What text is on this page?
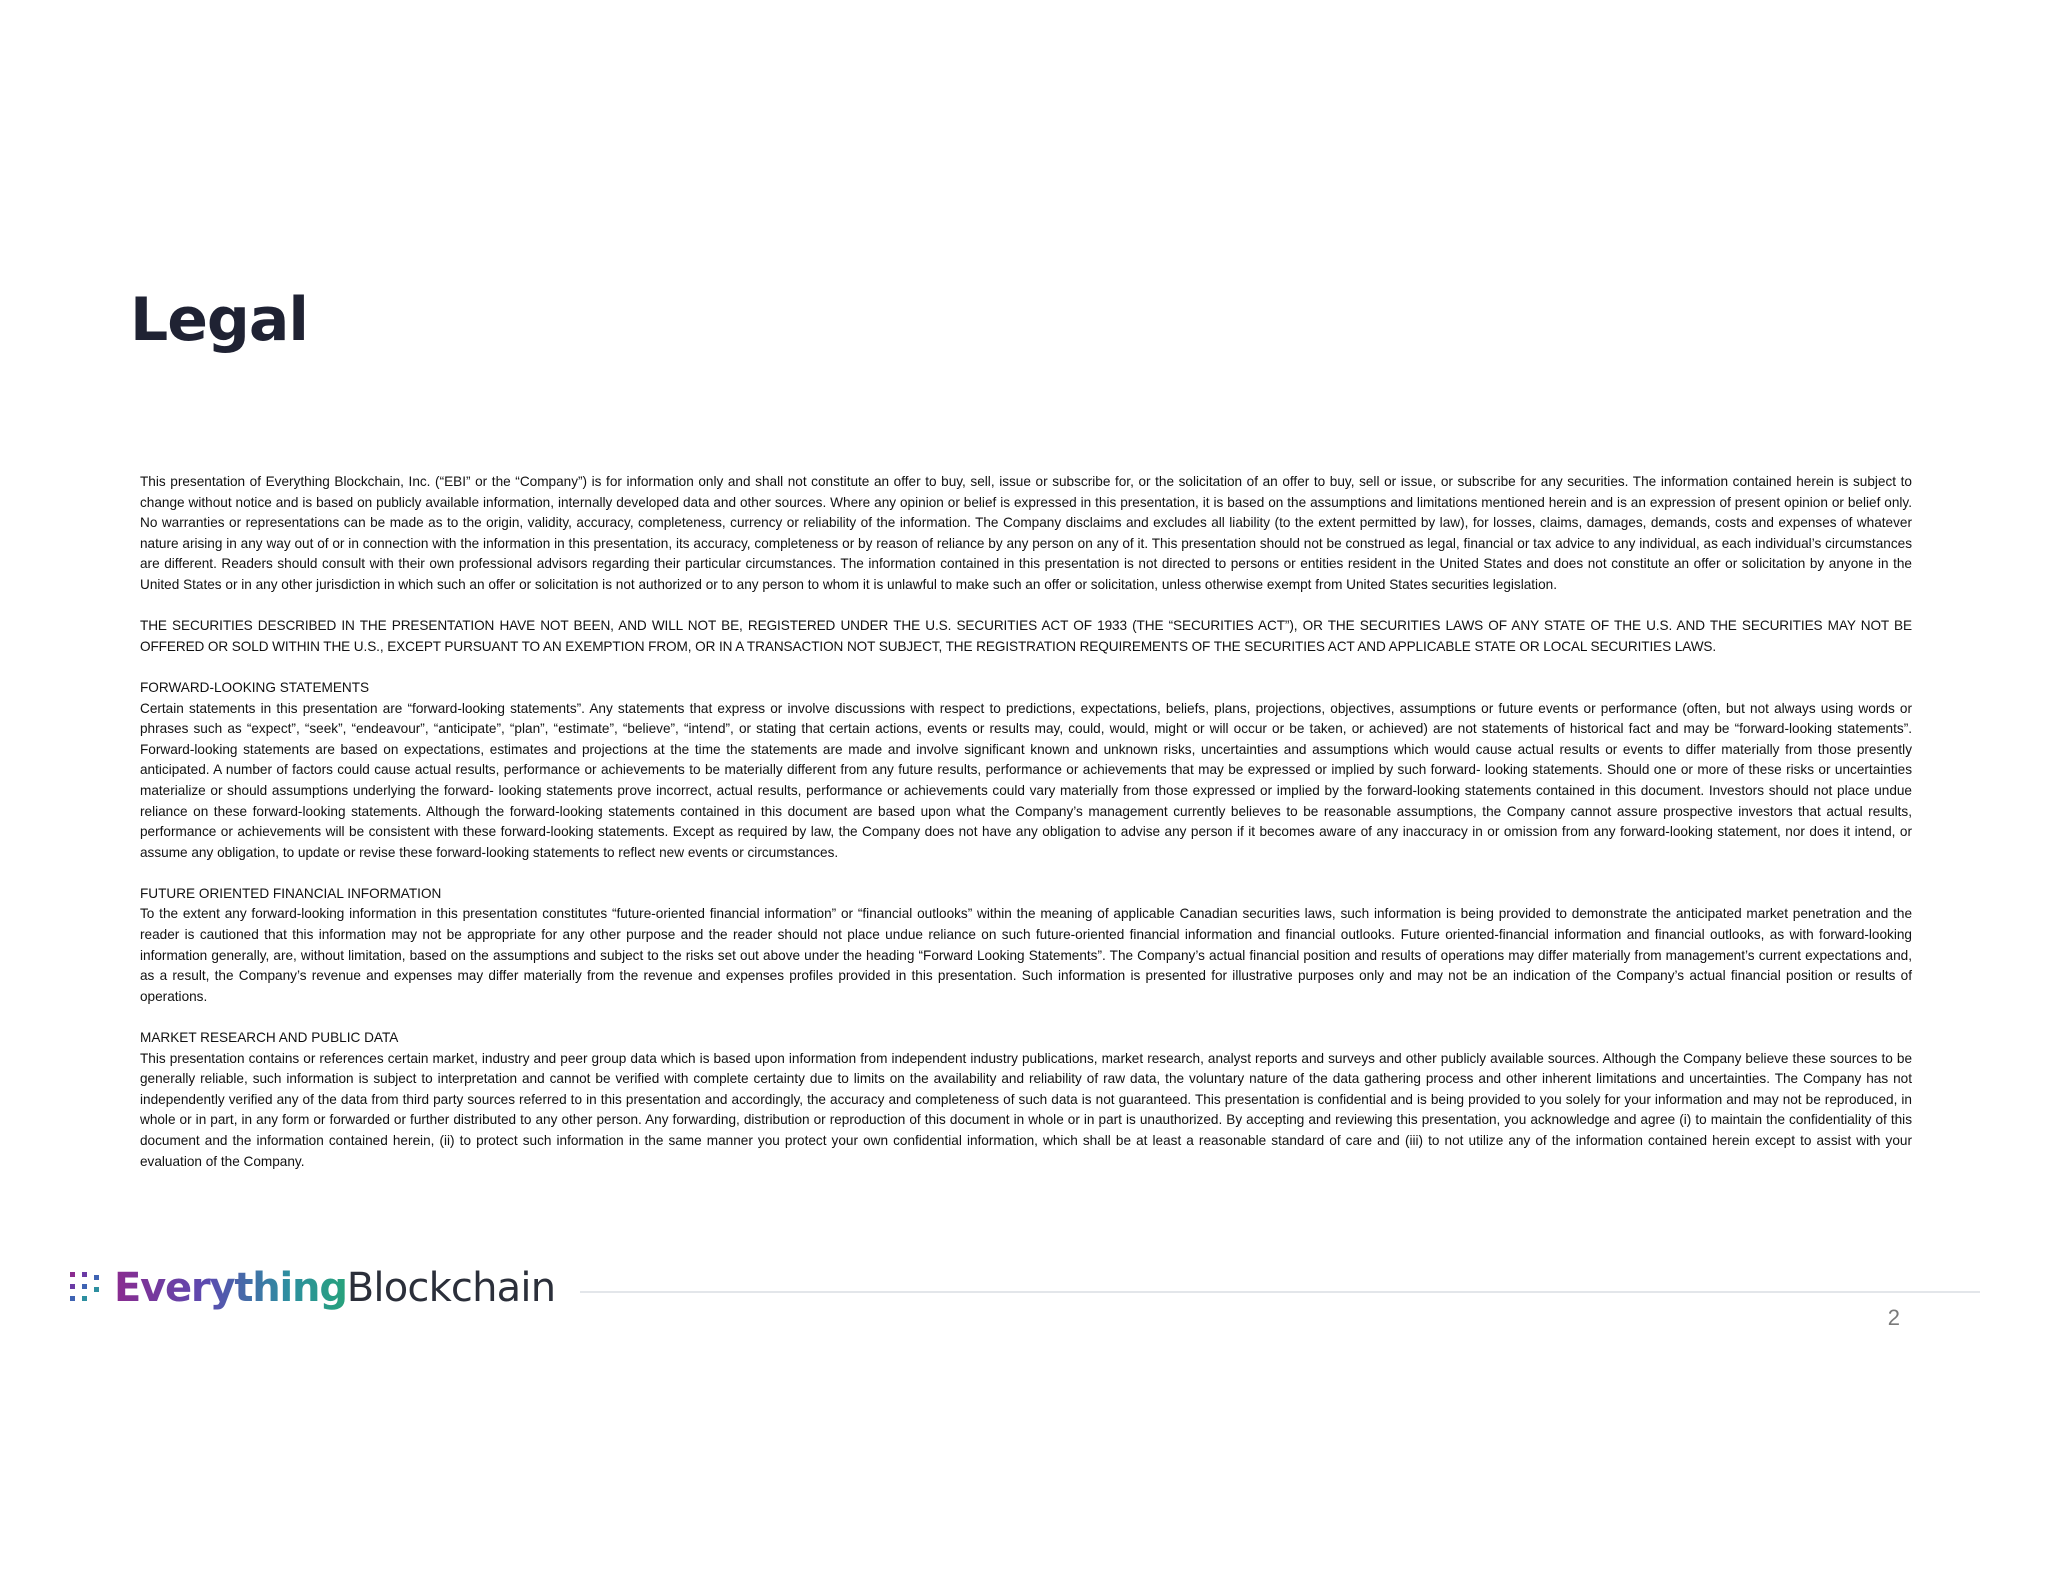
Legal

This presentation of Everything Blockchain, Inc. (“EBI” or the “Company”) is for information only and shall not constitute an offer to buy, sell, issue or subscribe for, or the solicitation of an offer to buy, sell or issue, or subscribe for any securities. The information contained herein is subject to change without notice and is based on publicly available information, internally developed data and other sources. Where any opinion or belief is expressed in this presentation, it is based on the assumptions and limitations mentioned herein and is an expression of present opinion or belief only. No warranties or representations can be made as to the origin, validity, accuracy, completeness, currency or reliability of the information. The Company disclaims and excludes all liability (to the extent permitted by law), for losses, claims, damages, demands, costs and expenses of whatever nature arising in any way out of or in connection with the information in this presentation, its accuracy, completeness or by reason of reliance by any person on any of it. This presentation should not be construed as legal, financial or tax advice to any individual, as each individual’s circumstances are different. Readers should consult with their own professional advisors regarding their particular circumstances. The information contained in this presentation is not directed to persons or entities resident in the United States and does not constitute an offer or solicitation by anyone in the United States or in any other jurisdiction in which such an offer or solicitation is not authorized or to any person to whom it is unlawful to make such an offer or solicitation, unless otherwise exempt from United States securities legislation.

THE SECURITIES DESCRIBED IN THE PRESENTATION HAVE NOT BEEN, AND WILL NOT BE, REGISTERED UNDER THE U.S. SECURITIES ACT OF 1933 (THE “SECURITIES ACT”), OR THE SECURITIES LAWS OF ANY STATE OF THE U.S. AND THE SECURITIES MAY NOT BE OFFERED OR SOLD WITHIN THE U.S., EXCEPT PURSUANT TO AN EXEMPTION FROM, OR IN A TRANSACTION NOT SUBJECT, THE REGISTRATION REQUIREMENTS OF THE SECURITIES ACT AND APPLICABLE STATE OR LOCAL SECURITIES LAWS.

FORWARD-LOOKING STATEMENTS

Certain statements in this presentation are “forward-looking statements”. Any statements that express or involve discussions with respect to predictions, expectations, beliefs, plans, projections, objectives, assumptions or future events or performance (often, but not always using words or phrases such as “expect”, “seek”, “endeavour”, “anticipate”, “plan”, “estimate”, “believe”, “intend”, or stating that certain actions, events or results may, could, would, might or will occur or be taken, or achieved) are not statements of historical fact and may be “forward-looking statements”. Forward-looking statements are based on expectations, estimates and projections at the time the statements are made and involve significant known and unknown risks, uncertainties and assumptions which would cause actual results or events to differ materially from those presently anticipated. A number of factors could cause actual results, performance or achievements to be materially different from any future results, performance or achievements that may be expressed or implied by such forward- looking statements. Should one or more of these risks or uncertainties materialize or should assumptions underlying the forward- looking statements prove incorrect, actual results, performance or achievements could vary materially from those expressed or implied by the forward-looking statements contained in this document. Investors should not place undue reliance on these forward-looking statements. Although the forward-looking statements contained in this document are based upon what the Company’s management currently believes to be reasonable assumptions, the Company cannot assure prospective investors that actual results, performance or achievements will be consistent with these forward-looking statements. Except as required by law, the Company does not have any obligation to advise any person if it becomes aware of any inaccuracy in or omission from any forward-looking statement, nor does it intend, or assume any obligation, to update or revise these forward-looking statements to reflect new events or circumstances.

FUTURE ORIENTED FINANCIAL INFORMATION

To the extent any forward-looking information in this presentation constitutes “future-oriented financial information” or “financial outlooks” within the meaning of applicable Canadian securities laws, such information is being provided to demonstrate the anticipated market penetration and the reader is cautioned that this information may not be appropriate for any other purpose and the reader should not place undue reliance on such future-oriented financial information and financial outlooks. Future oriented-financial information and financial outlooks, as with forward-looking information generally, are, without limitation, based on the assumptions and subject to the risks set out above under the heading “Forward Looking Statements”. The Company’s actual financial position and results of operations may differ materially from management’s current expectations and, as a result, the Company’s revenue and expenses may differ materially from the revenue and expenses profiles provided in this presentation. Such information is presented for illustrative purposes only and may not be an indication of the Company’s actual financial position or results of operations.

MARKET RESEARCH AND PUBLIC DATA

This presentation contains or references certain market, industry and peer group data which is based upon information from independent industry publications, market research, analyst reports and surveys and other publicly available sources. Although the Company believe these sources to be generally reliable, such information is subject to interpretation and cannot be verified with complete certainty due to limits on the availability and reliability of raw data, the voluntary nature of the data gathering process and other inherent limitations and uncertainties. The Company has not independently verified any of the data from third party sources referred to in this presentation and accordingly, the accuracy and completeness of such data is not guaranteed. This presentation is confidential and is being provided to you solely for your information and may not be reproduced, in whole or in part, in any form or forwarded or further distributed to any other person. Any forwarding, distribution or reproduction of this document in whole or in part is unauthorized. By accepting and reviewing this presentation, you acknowledge and agree (i) to maintain the confidentiality of this document and the information contained herein, (ii) to protect such information in the same manner you protect your own confidential information, which shall be at least a reasonable standard of care and (iii) to not utilize any of the information contained herein except to assist with your evaluation of the Company.

Everything Blockchain
2
